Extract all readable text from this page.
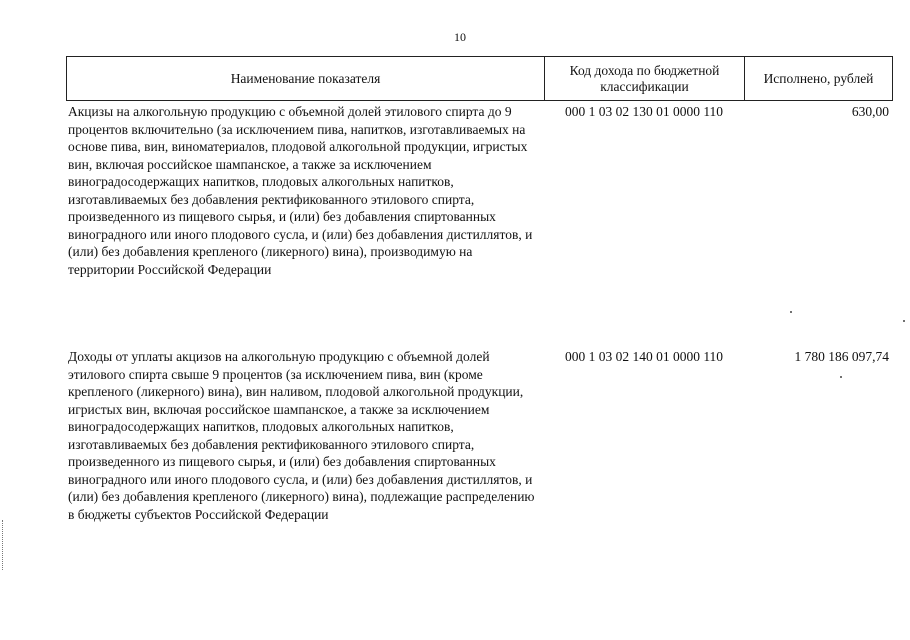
10
Наименование показателя
Код дохода по бюджетной классификации
Исполнено, рублей
Акцизы на алкогольную продукцию с объемной долей этилового спирта до 9 процентов включительно (за исключением пива, напитков, изготавливаемых на основе пива, вин, виноматериалов, плодовой алкогольной продукции, игристых вин, включая российское шампанское, а также за исключением виноградосодержащих напитков, плодовых алкогольных напитков, изготавливаемых без добавления ректификованного этилового спирта, произведенного из пищевого сырья, и (или) без добавления спиртованных виноградного или иного плодового сусла, и (или) без добавления дистиллятов, и (или) без добавления крепленого (ликерного) вина), производимую на территории Российской Федерации
000 1 03 02 130 01 0000 110	630,00
Доходы от уплаты акцизов на алкогольную продукцию с объемной долей этилового спирта свыше 9 процентов (за исключением пива, вин (кроме крепленого (ликерного) вина), вин наливом, плодовой алкогольной продукции, игристых вин, включая российское шампанское, а также за исключением виноградосодержащих напитков, плодовых алкогольных напитков, изготавливаемых без добавления ректификованного этилового спирта, произведенного из пищевого сырья, и (или) без добавления спиртованных виноградного или иного плодового сусла, и (или) без добавления дистиллятов, и (или) без добавления крепленого (ликерного) вина), подлежащие распределению в бюджеты субъектов Российской Федерации
000 1 03 02 140 01 0000 110	1 780 186 097,74
